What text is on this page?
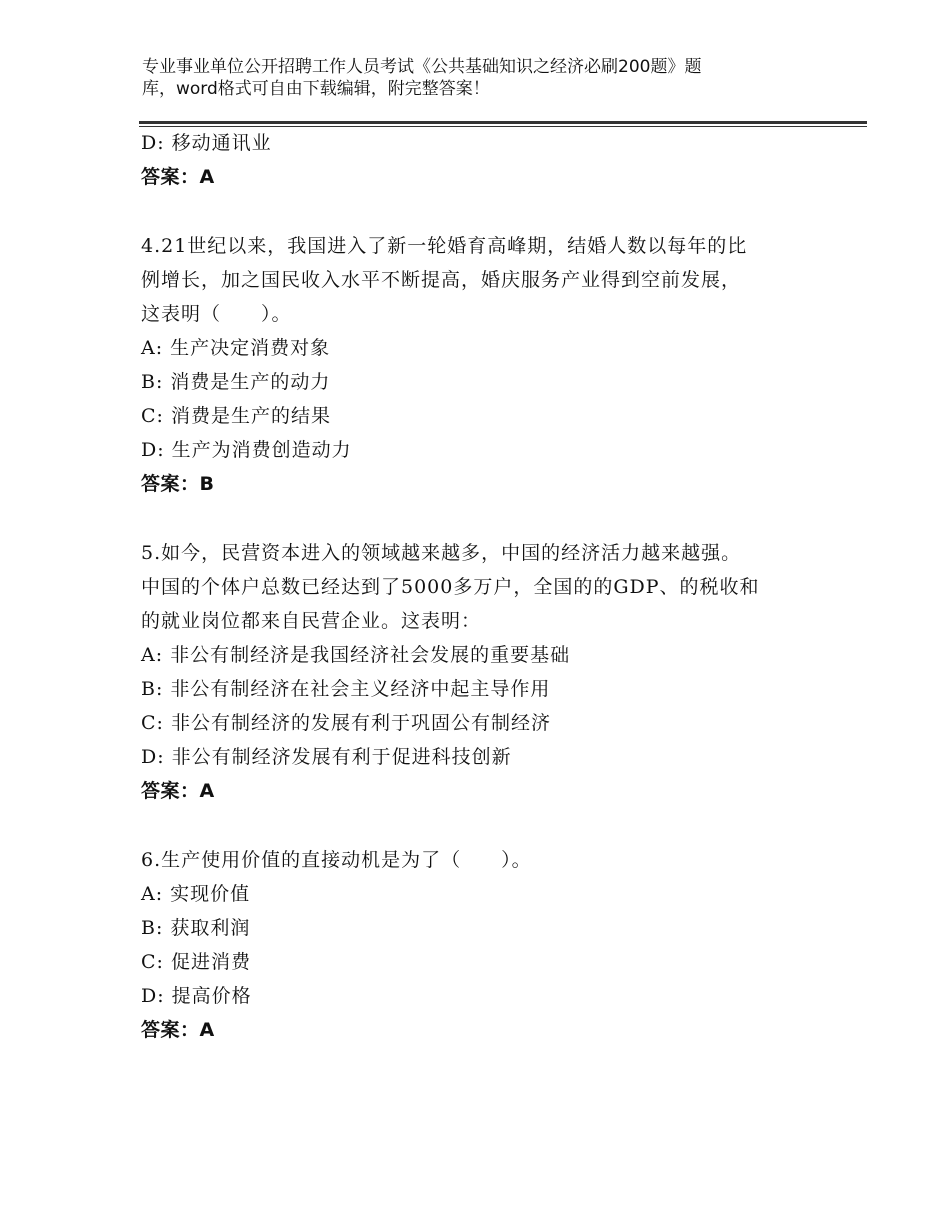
专业事业单位公开招聘工作人员考试《公共基础知识之经济必刷200题》题
库，word格式可自由下载编辑，附完整答案！
D: 移动通讯业
答案：A
4.21世纪以来，我国进入了新一轮婚育高峰期，结婚人数以每年的比
例增长，加之国民收入水平不断提高，婚庆服务产业得到空前发展，
这表明（　　）。
A: 生产决定消费对象
B: 消费是生产的动力
C: 消费是生产的结果
D: 生产为消费创造动力
答案：B
5.如今，民营资本进入的领域越来越多，中国的经济活力越来越强。
中国的个体户总数已经达到了5000多万户，全国的的GDP、的税收和
的就业岗位都来自民营企业。这表明：
A: 非公有制经济是我国经济社会发展的重要基础
B: 非公有制经济在社会主义经济中起主导作用
C: 非公有制经济的发展有利于巩固公有制经济
D: 非公有制经济发展有利于促进科技创新
答案：A
6.生产使用价值的直接动机是为了（　　）。
A: 实现价值
B: 获取利润
C: 促进消费
D: 提高价格
答案：A
